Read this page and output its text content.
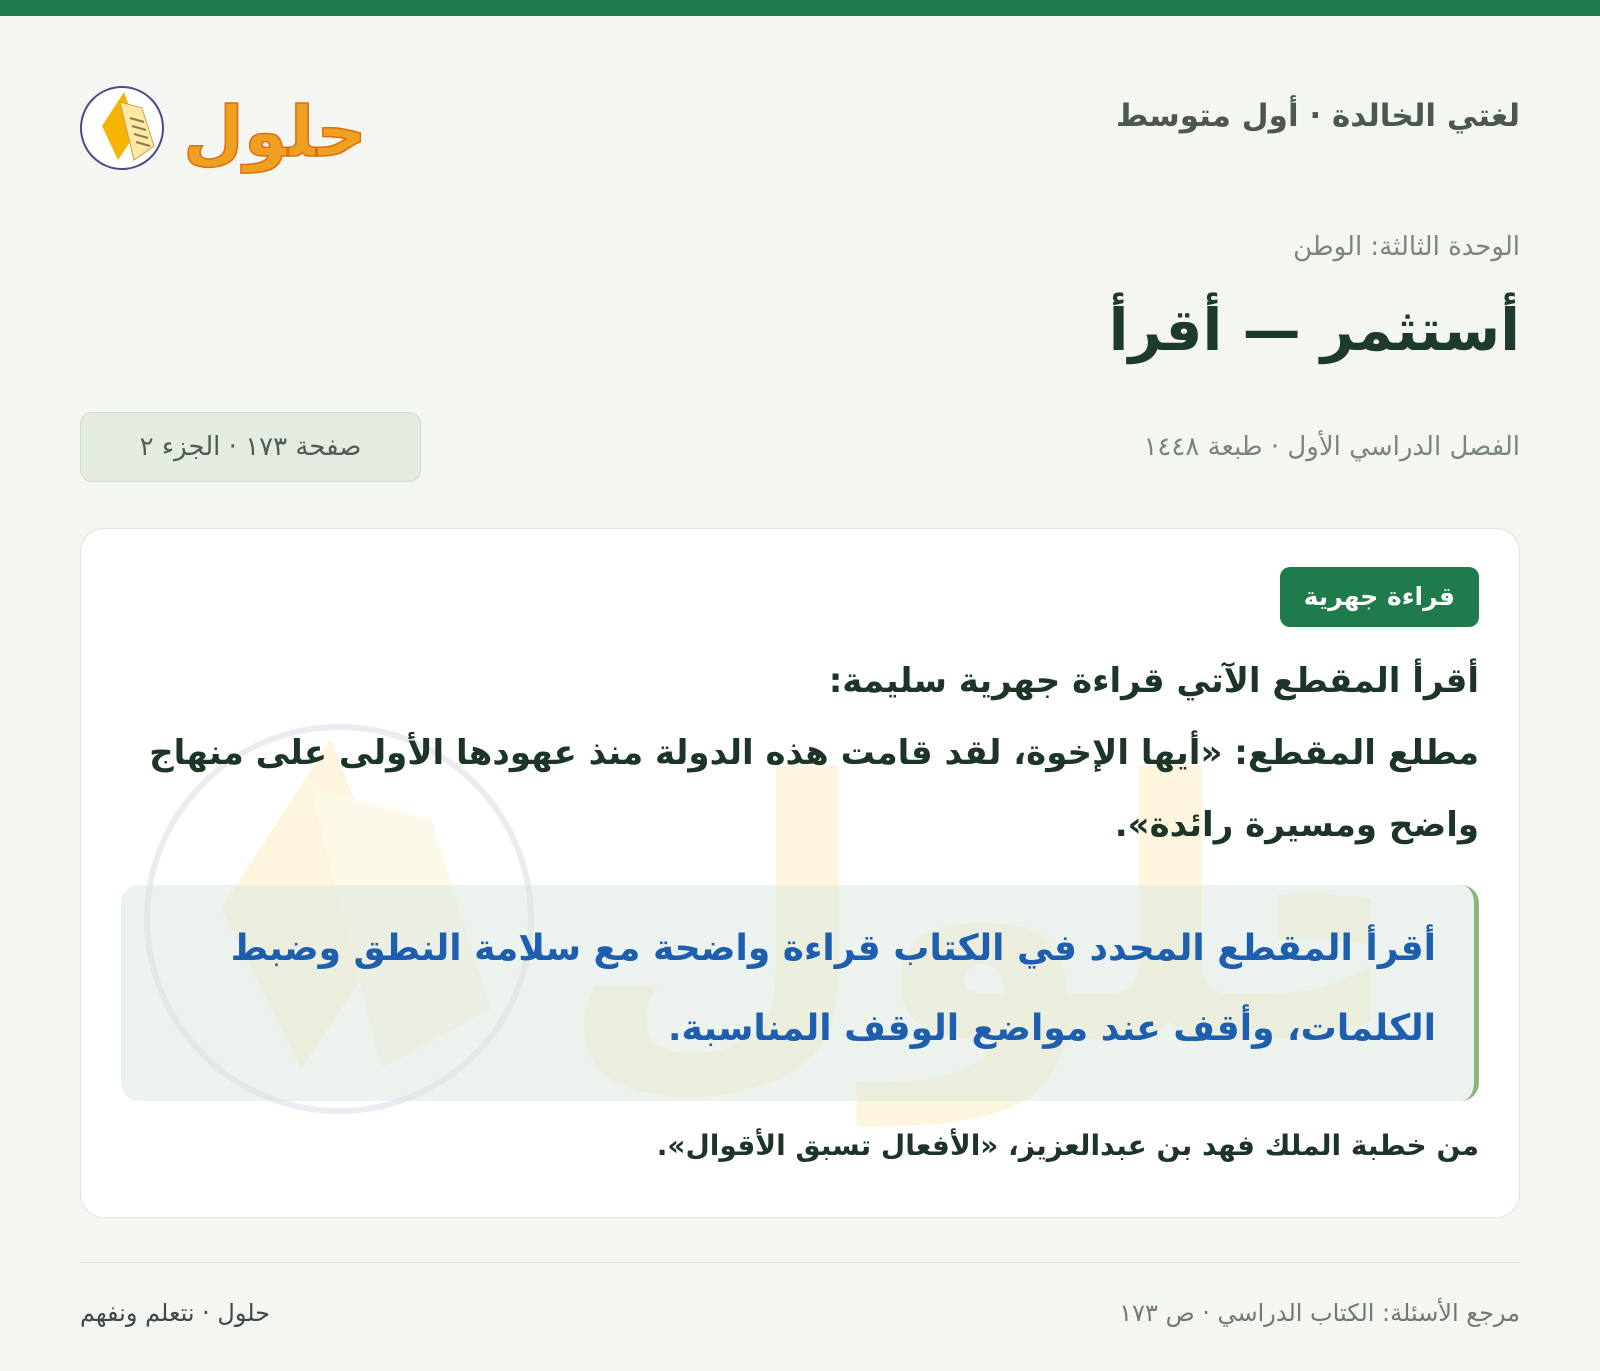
لغتي الخالدة · أول متوسط
حلول
الوحدة الثالثة: الوطن
أستثمر — أقرأ
الفصل الدراسي الأول · طبعة ١٤٤٨
صفحة ١٧٣ · الجزء ٢
قراءة جهرية
أقرأ المقطع الآتي قراءة جهرية سليمة:
مطلع المقطع: «أيها الإخوة، لقد قامت هذه الدولة منذ عهودها الأولى على منهاج واضح ومسيرة رائدة».
أقرأ المقطع المحدد في الكتاب قراءة واضحة مع سلامة النطق وضبط الكلمات، وأقف عند مواضع الوقف المناسبة.
من خطبة الملك فهد بن عبدالعزيز، «الأفعال تسبق الأقوال».
مرجع الأسئلة: الكتاب الدراسي · ص ١٧٣
حلول · نتعلم ونفهم
